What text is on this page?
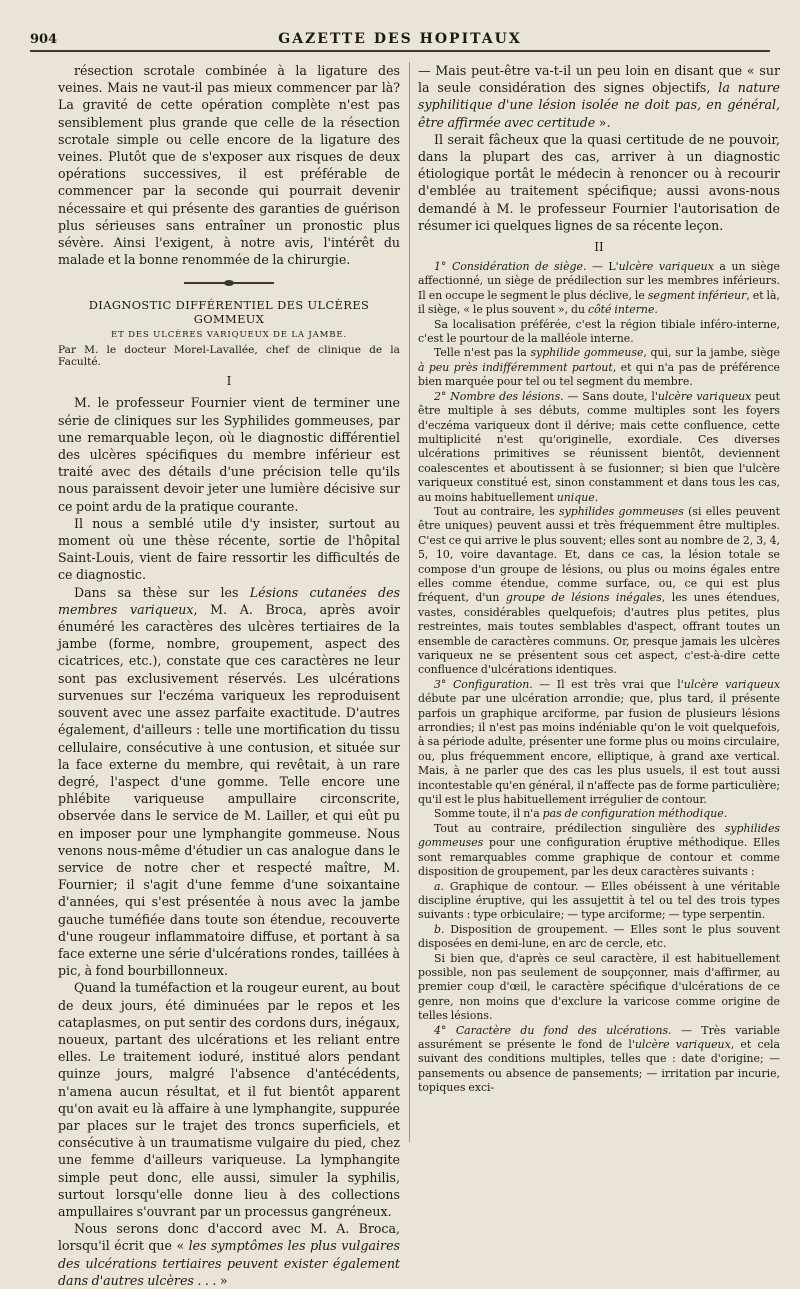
904	GAZETTE DES HOPITAUX

résection scrotale combinée à la ligature des veines. Mais ne vaut-il pas mieux commencer par là? La gravité de cette opération complète n'est pas sensiblement plus grande que celle de la résection scrotale simple ou celle encore de la ligature des veines. Plutôt que de s'exposer aux risques de deux opérations successives, il est préférable de commencer par la seconde qui pourrait devenir nécessaire et qui présente des garanties de guérison plus sérieuses sans entraîner un pronostic plus sévère. Ainsi l'exigent, à notre avis, l'intérêt du malade et la bonne renommée de la chirurgie.

DIAGNOSTIC DIFFÉRENTIEL DES ULCÈRES GOMMEUX
ET DES ULCÈRES VARIQUEUX DE LA JAMBE.
Par M. le docteur Morel-Lavallée, chef de clinique de la Faculté.
I

M. le professeur Fournier vient de terminer une série de cliniques sur les Syphilides gommeuses, par une remarquable leçon, où le diagnostic différentiel des ulcères spécifiques du membre inférieur est traité avec des détails d'une précision telle qu'ils nous paraissent devoir jeter une lumière décisive sur ce point ardu de la pratique courante.

Il nous a semblé utile d'y insister, surtout au moment où une thèse récente, sortie de l'hôpital Saint-Louis, vient de faire ressortir les difficultés de ce diagnostic.

Dans sa thèse sur les Lésions cutanées des membres variqueux, M. A. Broca, après avoir énuméré les caractères des ulcères tertiaires de la jambe (forme, nombre, groupement, aspect des cicatrices, etc.), constate que ces caractères ne leur sont pas exclusivement réservés. Les ulcérations survenues sur l'eczéma variqueux les reproduisent souvent avec une assez parfaite exactitude. D'autres également, d'ailleurs : telle une mortification du tissu cellulaire, consécutive à une contusion, et située sur la face externe du membre, qui revêtait, à un rare degré, l'aspect d'une gomme. Telle encore une phlébite variqueuse ampullaire circonscrite, observée dans le service de M. Lailler, et qui eût pu en imposer pour une lymphangite gommeuse. Nous venons nous-même d'étudier un cas analogue dans le service de notre cher et respecté maître, M. Fournier; il s'agit d'une femme d'une soixantaine d'années, qui s'est présentée à nous avec la jambe gauche tuméfiée dans toute son étendue, recouverte d'une rougeur inflammatoire diffuse, et portant à sa face externe une série d'ulcérations rondes, taillées à pic, à fond bourbillonneux.

Quand la tuméfaction et la rougeur eurent, au bout de deux jours, été diminuées par le repos et les cataplasmes, on put sentir des cordons durs, inégaux, noueux, partant des ulcérations et les reliant entre elles. Le traitement ioduré, institué alors pendant quinze jours, malgré l'absence d'antécédents, n'amena aucun résultat, et il fut bientôt apparent qu'on avait eu là affaire à une lymphangite, suppurée par places sur le trajet des troncs superficiels, et consécutive à un traumatisme vulgaire du pied, chez une femme d'ailleurs variqueuse. La lymphangite simple peut donc, elle aussi, simuler la syphilis, surtout lorsqu'elle donne lieu à des collections ampullaires s'ouvrant par un processus gangréneux.

Nous serons donc d'accord avec M. A. Broca, lorsqu'il écrit que « les symptômes les plus vulgaires des ulcérations tertiaires peuvent exister également dans d'autres ulcères . . . »

— Mais peut-être va-t-il un peu loin en disant que « sur la seule considération des signes objectifs, la nature syphilitique d'une lésion isolée ne doit pas, en général, être affirmée avec certitude ».

Il serait fâcheux que la quasi certitude de ne pouvoir, dans la plupart des cas, arriver à un diagnostic étiologique portât le médecin à renoncer ou à recourir d'emblée au traitement spécifique; aussi avons-nous demandé à M. le professeur Fournier l'autorisation de résumer ici quelques lignes de sa récente leçon.

II

1° Considération de siège. — L'ulcère variqueux a un siège affectionné, un siège de prédilection sur les membres inférieurs. Il en occupe le segment le plus déclive, le segment inférieur, et là, il siège, « le plus souvent », du côté interne.

Sa localisation préférée, c'est la région tibiale inféro-interne, c'est le pourtour de la malléole interne.

Telle n'est pas la syphilide gommeuse, qui, sur la jambe, siège à peu près indifféremment partout, et qui n'a pas de préférence bien marquée pour tel ou tel segment du membre.

2° Nombre des lésions. — Sans doute, l'ulcère variqueux peut être multiple à ses débuts, comme multiples sont les foyers d'eczéma variqueux dont il dérive; mais cette confluence, cette multiplicité n'est qu'originelle, exordiale. Ces diverses ulcérations primitives se réunissent bientôt, deviennent coalescentes et aboutissent à se fusionner; si bien que l'ulcère variqueux constitué est, sinon constamment et dans tous les cas, au moins habituellement unique.

Tout au contraire, les syphilides gommeuses (si elles peuvent être uniques) peuvent aussi et très fréquemment être multiples. C'est ce qui arrive le plus souvent; elles sont au nombre de 2, 3, 4, 5, 10, voire davantage. Et, dans ce cas, la lésion totale se compose d'un groupe de lésions, ou plus ou moins égales entre elles comme étendue, comme surface, ou, ce qui est plus fréquent, d'un groupe de lésions inégales, les unes étendues, vastes, considérables quelquefois; d'autres plus petites, plus restreintes, mais toutes semblables d'aspect, offrant toutes un ensemble de caractères communs. Or, presque jamais les ulcères variqueux ne se présentent sous cet aspect, c'est-à-dire cette confluence d'ulcérations identiques.

3° Configuration. — Il est très vrai que l'ulcère variqueux débute par une ulcération arrondie; que, plus tard, il présente parfois un graphique arciforme, par fusion de plusieurs lésions arrondies; il n'est pas moins indéniable qu'on le voit quelquefois, à sa période adulte, présenter une forme plus ou moins circulaire, ou, plus fréquemment encore, elliptique, à grand axe vertical. Mais, à ne parler que des cas les plus usuels, il est tout aussi incontestable qu'en général, il n'affecte pas de forme particulière; qu'il est le plus habituellement irrégulier de contour.

Somme toute, il n'a pas de configuration méthodique.

Tout au contraire, prédilection singulière des syphilides gommeuses pour une configuration éruptive méthodique. Elles sont remarquables comme graphique de contour et comme disposition de groupement, par les deux caractères suivants :

a. Graphique de contour. — Elles obéissent à une véritable discipline éruptive, qui les assujettit à tel ou tel des trois types suivants : type orbiculaire; — type arciforme; — type serpentin.

b. Disposition de groupement. — Elles sont le plus souvent disposées en demi-lune, en arc de cercle, etc.

Si bien que, d'après ce seul caractère, il est habituellement possible, non pas seulement de soupçonner, mais d'affirmer, au premier coup d'œil, le caractère spécifique d'ulcérations de ce genre, non moins que d'exclure la varicose comme origine de telles lésions.

4° Caractère du fond des ulcérations. — Très variable assurément se présente le fond de l'ulcère variqueux, et cela suivant des conditions multiples, telles que : date d'origine; — pansements ou absence de pansements; — irritation par incurie, topiques exci-
